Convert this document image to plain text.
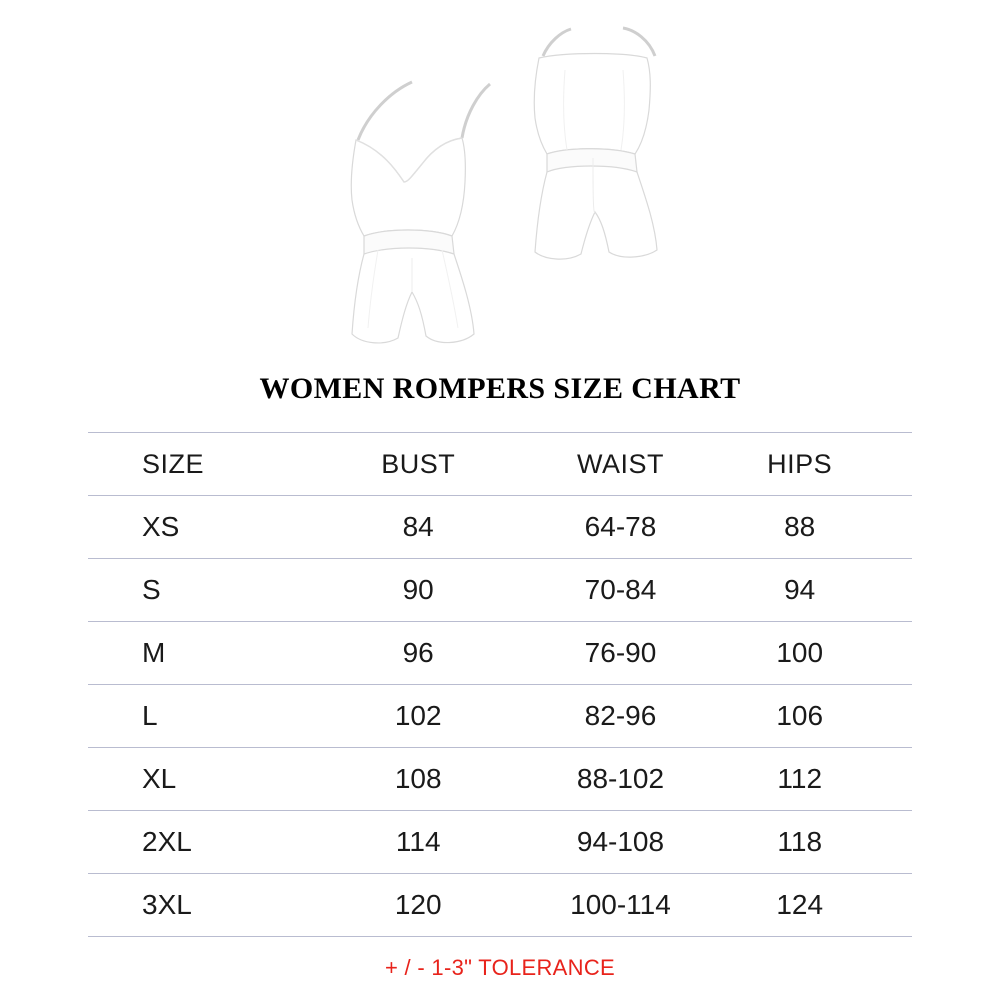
WOMEN ROMPERS SIZE CHART
SIZE	BUST	WAIST	HIPS
XS	84	64-78	88
S	90	70-84	94
M	96	76-90	100
L	102	82-96	106
XL	108	88-102	112
2XL	114	94-108	118
3XL	120	100-114	124
+ / - 1-3" TOLERANCE
